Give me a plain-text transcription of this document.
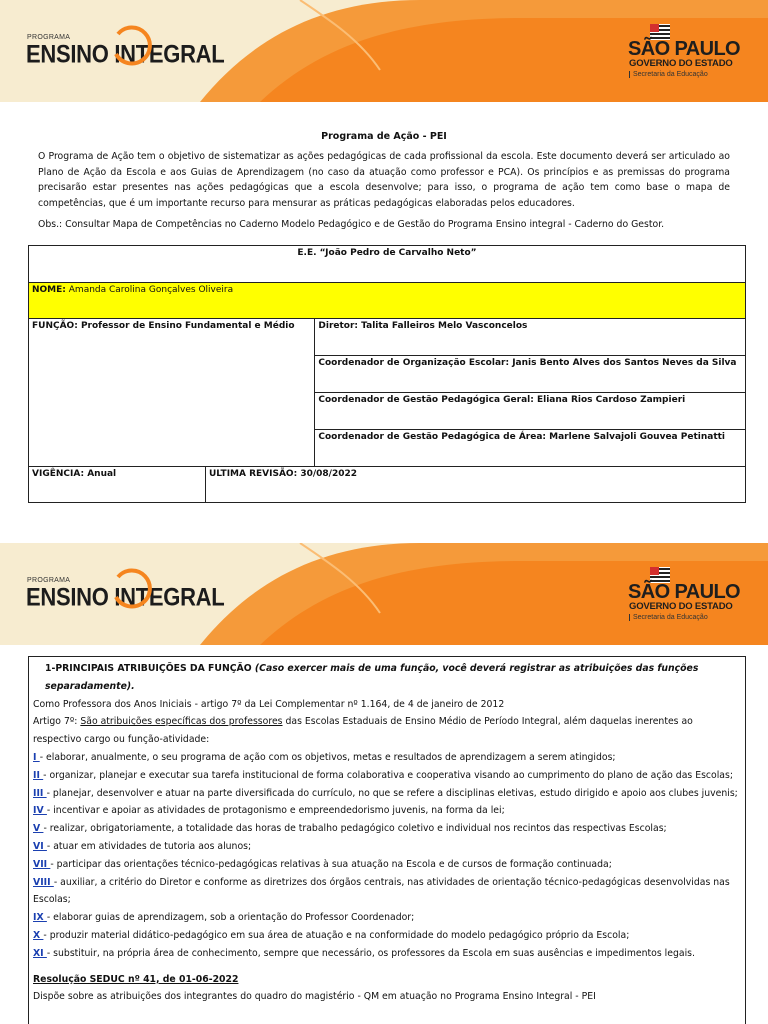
PROGRAMA
ENSINO INTEGRAL	SÃO PAULO
GOVERNO DO ESTADO
Secretaria da Educação
Programa de Ação - PEI
O Programa de Ação tem o objetivo de sistematizar as ações pedagógicas de cada profissional da escola. Este documento deverá ser articulado ao Plano de Ação da Escola e aos Guias de Aprendizagem (no caso da atuação como professor e PCA). Os princípios e as premissas do programa precisarão estar presentes nas ações pedagógicas que a escola desenvolve; para isso, o programa de ação tem como base o mapa de competências, que é um importante recurso para mensurar as práticas pedagógicas elaboradas pelos educadores.
Obs.: Consultar Mapa de Competências no Caderno Modelo Pedagógico e de Gestão do Programa Ensino integral - Caderno do Gestor.
E.E. “João Pedro de Carvalho Neto”		
NOME: Amanda Carolina Gonçalves Oliveira		
FUNÇÃO: Professor de Ensino Fundamental e Médio		Diretor: Talita Falleiros Melo Vasconcelos
		Coordenador de Organização Escolar: Janis Bento Alves dos Santos Neves da Silva
		Coordenador de Gestão Pedagógica Geral: Eliana Rios Cardoso Zampieri
		Coordenador de Gestão Pedagógica de Área: Marlene Salvajoli Gouvea Petinatti
VIGÊNCIA: Anual	ULTIMA REVISÃO: 30/08/2022	
PROGRAMA
ENSINO INTEGRAL	SÃO PAULO
GOVERNO DO ESTADO
Secretaria da Educação
1-PRINCIPAIS ATRIBUIÇÕES DA FUNÇÃO (Caso exercer mais de uma função, você deverá registrar as atribuições das funções separadamente).
Como Professora dos Anos Iniciais - artigo 7º da Lei Complementar nº 1.164, de 4 de janeiro de 2012
Artigo 7º: São atribuições específicas dos professores das Escolas Estaduais de Ensino Médio de Período Integral, além daquelas inerentes ao respectivo cargo ou função-atividade:
I - elaborar, anualmente, o seu programa de ação com os objetivos, metas e resultados de aprendizagem a serem atingidos;
II - organizar, planejar e executar sua tarefa institucional de forma colaborativa e cooperativa visando ao cumprimento do plano de ação das Escolas;
III - planejar, desenvolver e atuar na parte diversificada do currículo, no que se refere a disciplinas eletivas, estudo dirigido e apoio aos clubes juvenis;
IV - incentivar e apoiar as atividades de protagonismo e empreendedorismo juvenis, na forma da lei;
V - realizar, obrigatoriamente, a totalidade das horas de trabalho pedagógico coletivo e individual nos recintos das respectivas Escolas;
VI - atuar em atividades de tutoria aos alunos;
VII - participar das orientações técnico-pedagógicas relativas à sua atuação na Escola e de cursos de formação continuada;
VIII - auxiliar, a critério do Diretor e conforme as diretrizes dos órgãos centrais, nas atividades de orientação técnico-pedagógicas desenvolvidas nas Escolas;
IX - elaborar guias de aprendizagem, sob a orientação do Professor Coordenador;
X - produzir material didático-pedagógico em sua área de atuação e na conformidade do modelo pedagógico próprio da Escola;
XI - substituir, na própria área de conhecimento, sempre que necessário, os professores da Escola em suas ausências e impedimentos legais.
Resolução SEDUC nº 41, de 01-06-2022
Dispõe sobre as atribuições dos integrantes do quadro do magistério - QM em atuação no Programa Ensino Integral - PEI
